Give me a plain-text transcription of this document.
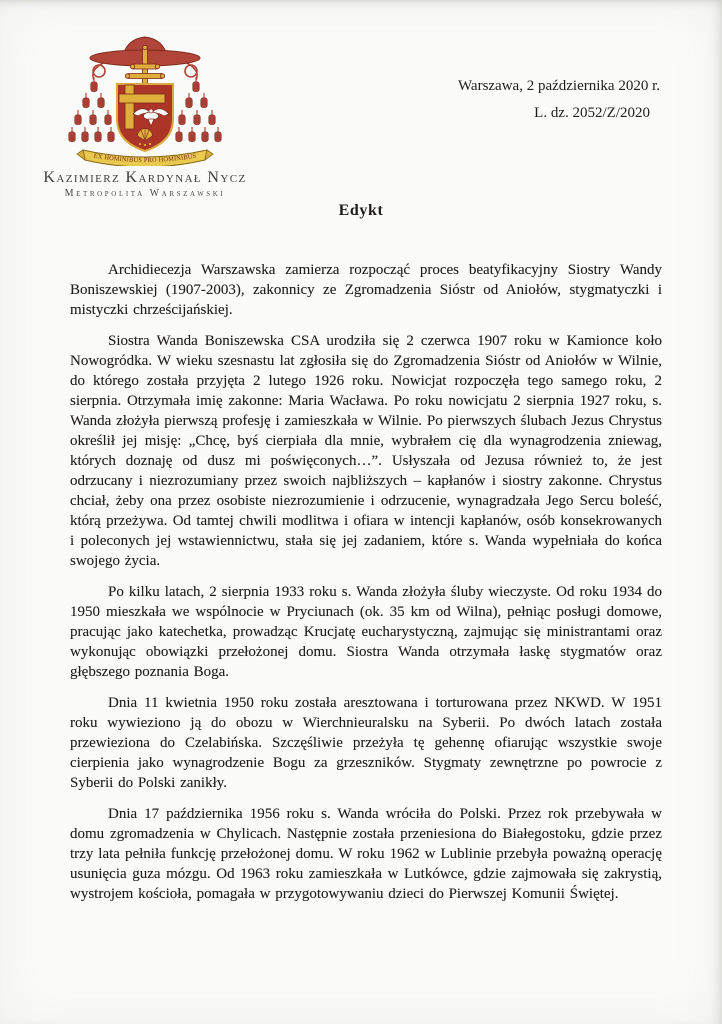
EX HOMINIBUS PRO HOMINIBUS
Kazimierz Kardynał Nycz
Metropolita Warszawski
Warszawa, 2 października 2020 r.
L. dz. 2052/Z/2020
Edykt

Archidiecezja Warszawska zamierza rozpocząć proces beatyfikacyjny Siostry Wandy Boniszewskiej (1907-2003), zakonnicy ze Zgromadzenia Sióstr od Aniołów, stygmatyczki i mistyczki chrześcijańskiej.

Siostra Wanda Boniszewska CSA urodziła się 2 czerwca 1907 roku w Kamionce koło Nowogródka. W wieku szesnastu lat zgłosiła się do Zgromadzenia Sióstr od Aniołów w Wilnie, do którego została przyjęta 2 lutego 1926 roku. Nowicjat rozpoczęła tego samego roku, 2 sierpnia. Otrzymała imię zakonne: Maria Wacława. Po roku nowicjatu 2 sierpnia 1927 roku, s. Wanda złożyła pierwszą profesję i zamieszkała w Wilnie. Po pierwszych ślubach Jezus Chrystus określił jej misję: „Chcę, byś cierpiała dla mnie, wybrałem cię dla wynagrodzenia zniewag, których doznaję od dusz mi poświęconych…”. Usłyszała od Jezusa również to, że jest odrzucany i niezrozumiany przez swoich najbliższych – kapłanów i siostry zakonne. Chrystus chciał, żeby ona przez osobiste niezrozumienie i odrzucenie, wynagradzała Jego Sercu boleść, którą przeżywa. Od tamtej chwili modlitwa i ofiara w intencji kapłanów, osób konsekrowanych i poleconych jej wstawiennictwu, stała się jej zadaniem, które s. Wanda wypełniała do końca swojego życia.

Po kilku latach, 2 sierpnia 1933 roku s. Wanda złożyła śluby wieczyste. Od roku 1934 do 1950 mieszkała we wspólnocie w Pryciunach (ok. 35 km od Wilna), pełniąc posługi domowe, pracując jako katechetka, prowadząc Krucjatę eucharystyczną, zajmując się ministrantami oraz wykonując obowiązki przełożonej domu. Siostra Wanda otrzymała łaskę stygmatów oraz głębszego poznania Boga.

Dnia 11 kwietnia 1950 roku została aresztowana i torturowana przez NKWD. W 1951 roku wywieziono ją do obozu w Wierchnieuralsku na Syberii. Po dwóch latach została przewieziona do Czelabińska. Szczęśliwie przeżyła tę gehennę ofiarując wszystkie swoje cierpienia jako wynagrodzenie Bogu za grzeszników. Stygmaty zewnętrzne po powrocie z Syberii do Polski zanikły.

Dnia 17 października 1956 roku s. Wanda wróciła do Polski. Przez rok przebywała w domu zgromadzenia w Chylicach. Następnie została przeniesiona do Białegostoku, gdzie przez trzy lata pełniła funkcję przełożonej domu. W roku 1962 w Lublinie przebyła poważną operację usunięcia guza mózgu. Od 1963 roku zamieszkała w Lutkówce, gdzie zajmowała się zakrystią, wystrojem kościoła, pomagała w przygotowywaniu dzieci do Pierwszej Komunii Świętej.
